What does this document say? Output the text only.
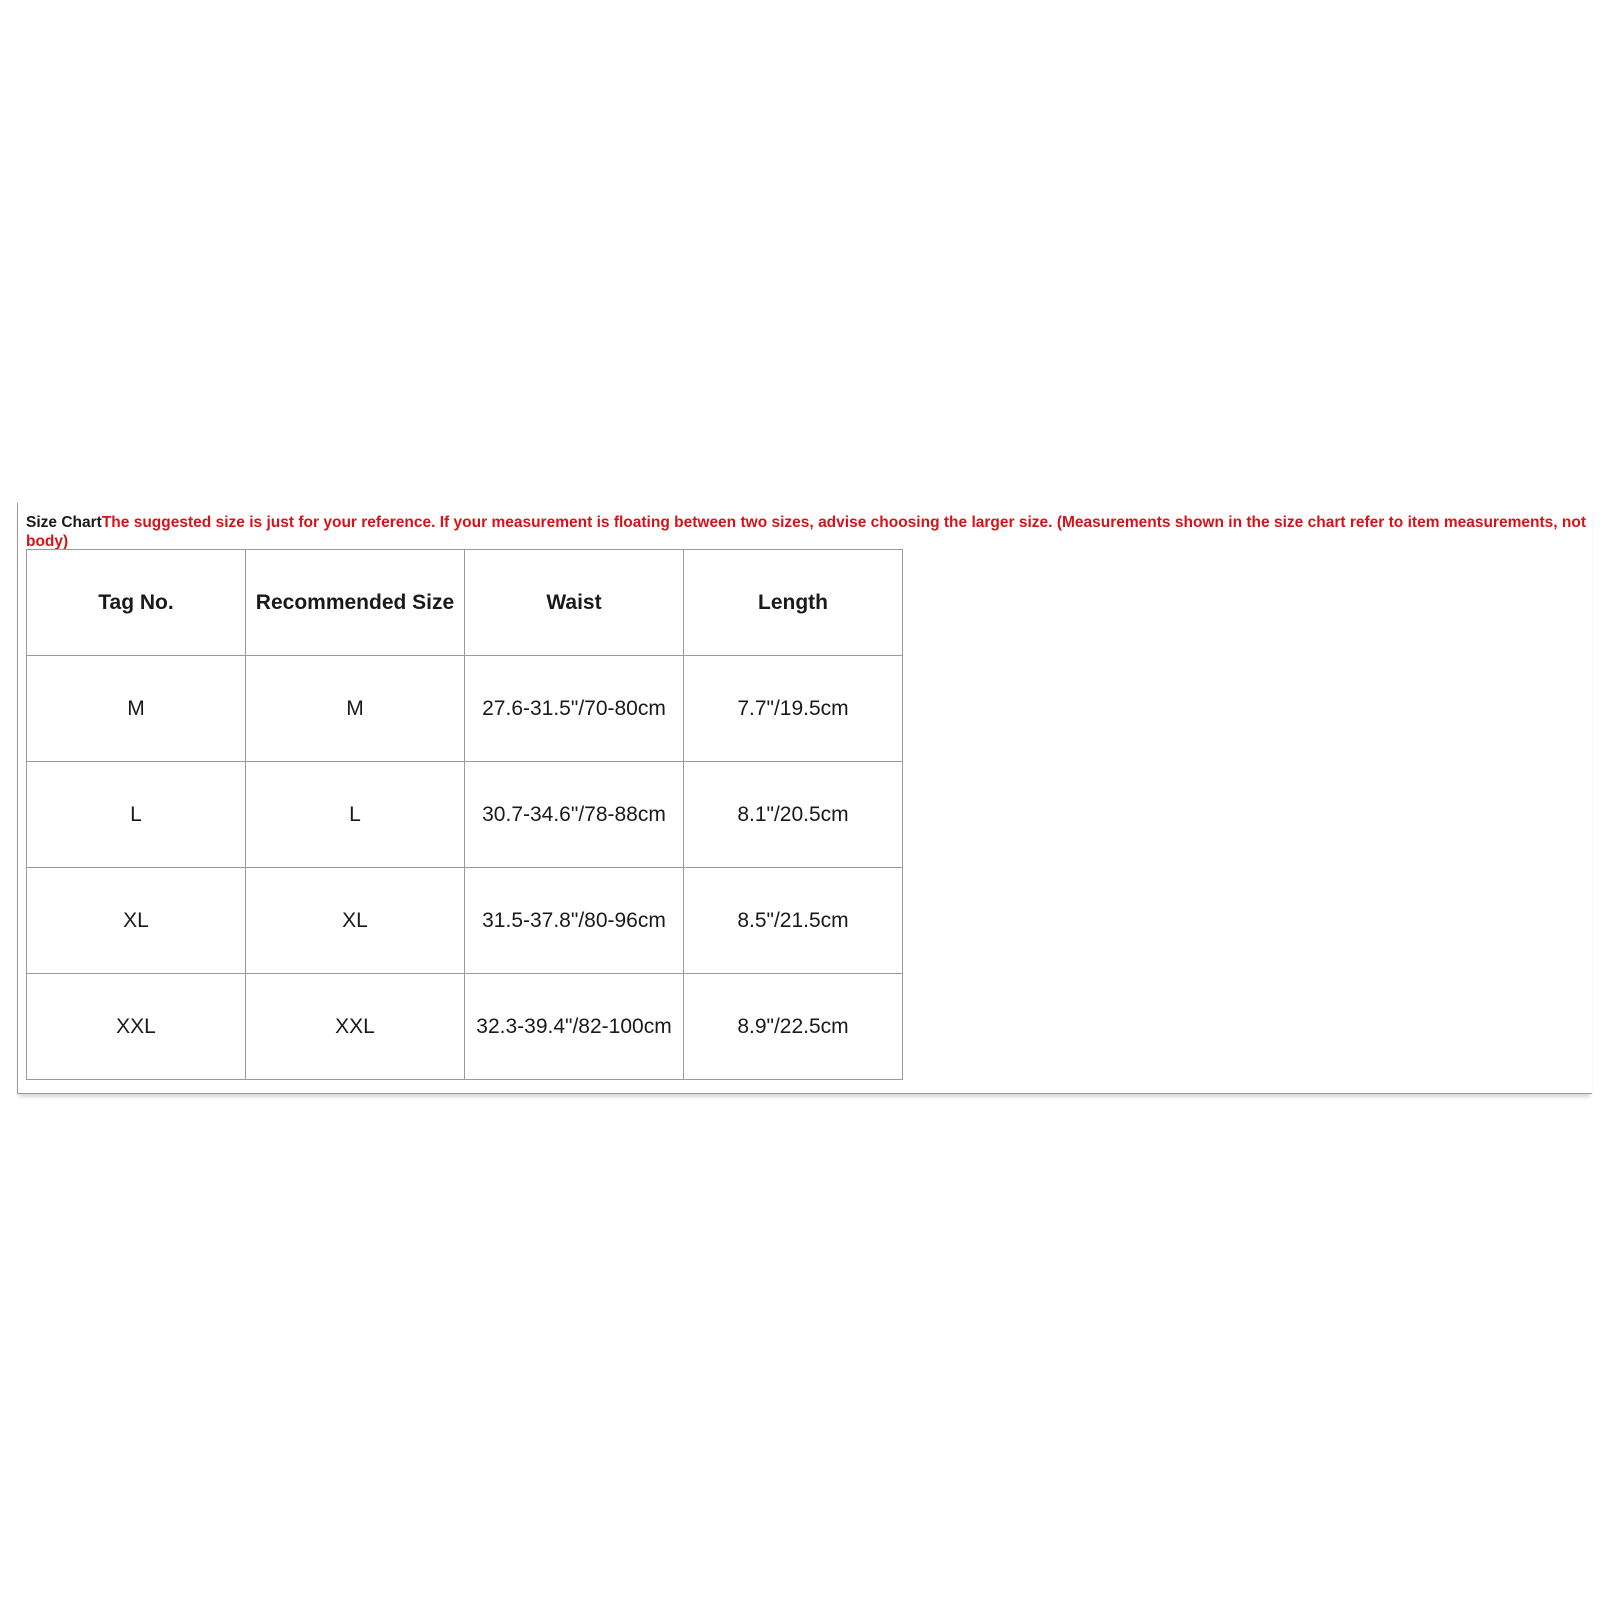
Size ChartThe suggested size is just for your reference. If your measurement is floating between two sizes, advise choosing the larger size. (Measurements shown in the size chart refer to item measurements, not body)
Tag No.	Recommended Size	Waist	Length
M	M	27.6-31.5"/70-80cm	7.7"/19.5cm
L	L	30.7-34.6"/78-88cm	8.1"/20.5cm
XL	XL	31.5-37.8"/80-96cm	8.5"/21.5cm
XXL	XXL	32.3-39.4"/82-100cm	8.9"/22.5cm
